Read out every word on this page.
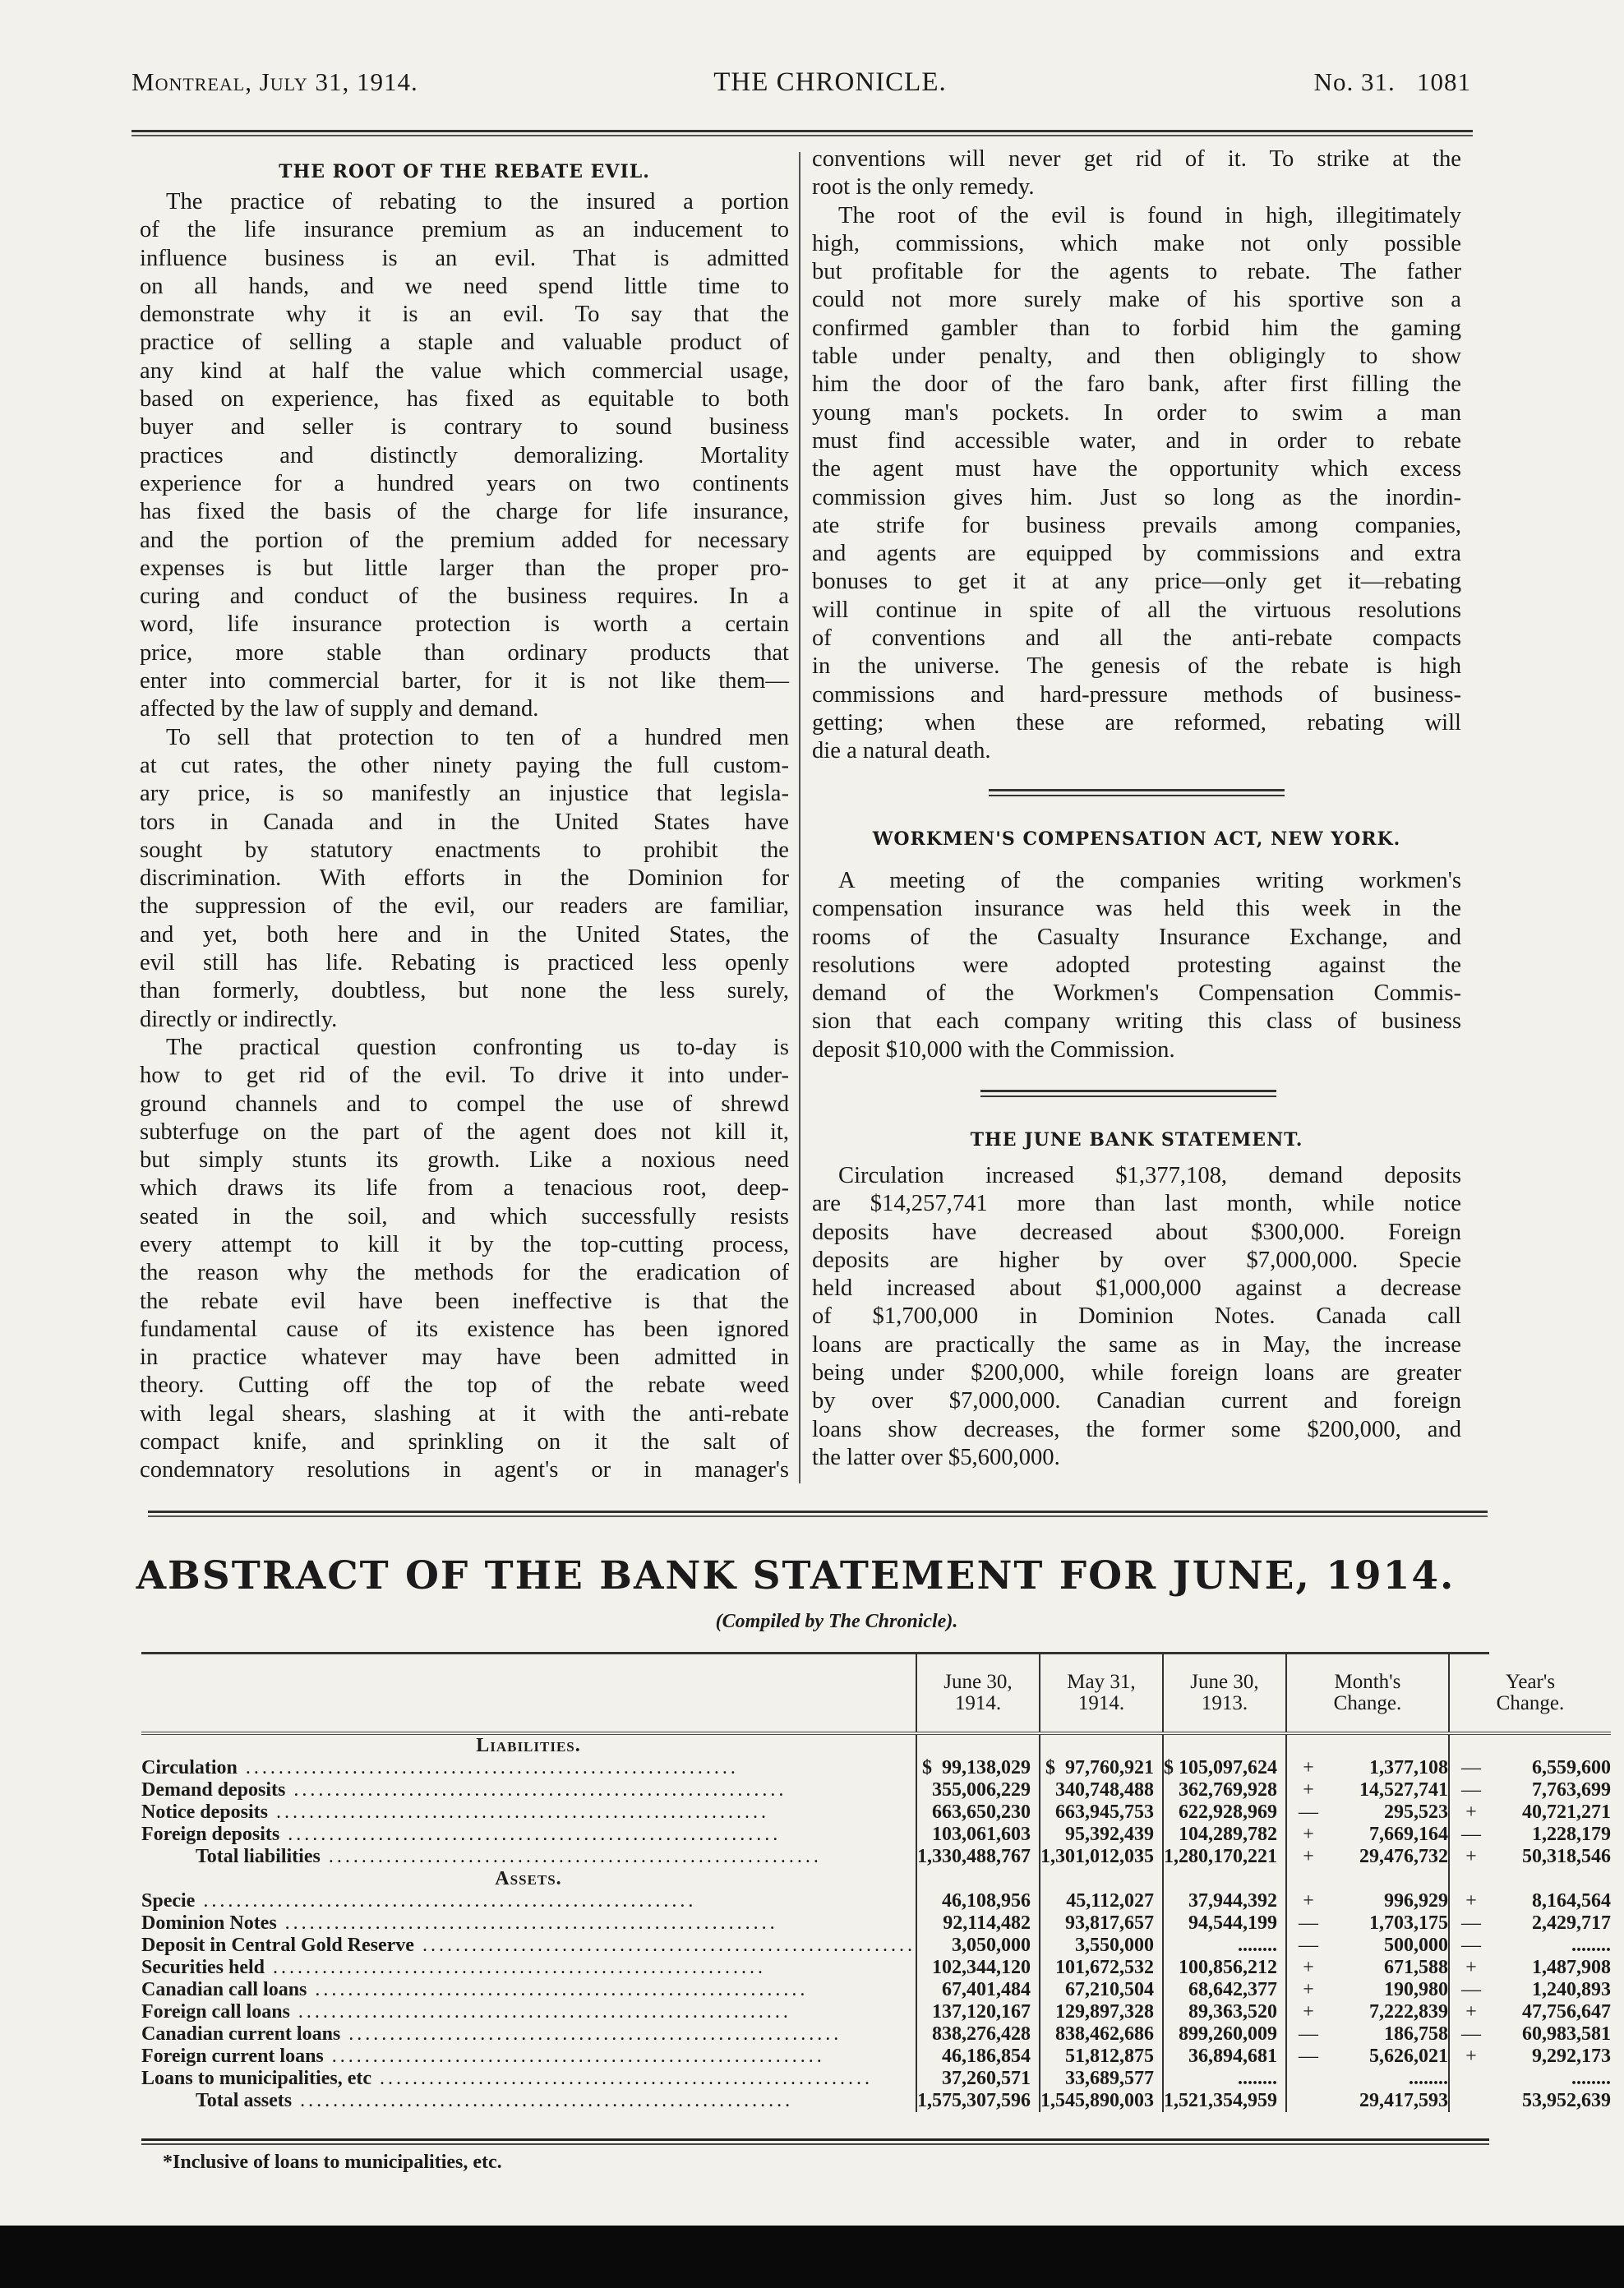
Montreal, July 31, 1914.	THE CHRONICLE.	No. 31.   1081
THE ROOT OF THE REBATE EVIL.
The practice of rebating to the insured a portion
of the life insurance premium as an inducement to
influence business is an evil. That is admitted
on all hands, and we need spend little time to
demonstrate why it is an evil. To say that the
practice of selling a staple and valuable product of
any kind at half the value which commercial usage,
based on experience, has fixed as equitable to both
buyer and seller is contrary to sound business
practices and distinctly demoralizing. Mortality
experience for a hundred years on two continents
has fixed the basis of the charge for life insurance,
and the portion of the premium added for necessary
expenses is but little larger than the proper pro-
curing and conduct of the business requires. In a
word, life insurance protection is worth a certain
price, more stable than ordinary products that
enter into commercial barter, for it is not like them—
affected by the law of supply and demand.
To sell that protection to ten of a hundred men
at cut rates, the other ninety paying the full custom-
ary price, is so manifestly an injustice that legisla-
tors in Canada and in the United States have
sought by statutory enactments to prohibit the
discrimination. With efforts in the Dominion for
the suppression of the evil, our readers are familiar,
and yet, both here and in the United States, the
evil still has life. Rebating is practiced less openly
than formerly, doubtless, but none the less surely,
directly or indirectly.
The practical question confronting us to-day is
how to get rid of the evil. To drive it into under-
ground channels and to compel the use of shrewd
subterfuge on the part of the agent does not kill it,
but simply stunts its growth. Like a noxious need
which draws its life from a tenacious root, deep-
seated in the soil, and which successfully resists
every attempt to kill it by the top-cutting process,
the reason why the methods for the eradication of
the rebate evil have been ineffective is that the
fundamental cause of its existence has been ignored
in practice whatever may have been admitted in
theory. Cutting off the top of the rebate weed
with legal shears, slashing at it with the anti-rebate
compact knife, and sprinkling on it the salt of
condemnatory resolutions in agent's or in manager's
conventions will never get rid of it. To strike at the
root is the only remedy.
The root of the evil is found in high, illegitimately
high, commissions, which make not only possible
but profitable for the agents to rebate. The father
could not more surely make of his sportive son a
confirmed gambler than to forbid him the gaming
table under penalty, and then obligingly to show
him the door of the faro bank, after first filling the
young man's pockets. In order to swim a man
must find accessible water, and in order to rebate
the agent must have the opportunity which excess
commission gives him. Just so long as the inordin-
ate strife for business prevails among companies,
and agents are equipped by commissions and extra
bonuses to get it at any price—only get it—rebating
will continue in spite of all the virtuous resolutions
of conventions and all the anti-rebate compacts
in the universe. The genesis of the rebate is high
commissions and hard-pressure methods of business-
getting; when these are reformed, rebating will
die a natural death.
WORKMEN'S COMPENSATION ACT, NEW YORK.
A meeting of the companies writing workmen's
compensation insurance was held this week in the
rooms of the Casualty Insurance Exchange, and
resolutions were adopted protesting against the
demand of the Workmen's Compensation Commis-
sion that each company writing this class of business
deposit $10,000 with the Commission.
THE JUNE BANK STATEMENT.
Circulation increased $1,377,108, demand deposits
are $14,257,741 more than last month, while notice
deposits have decreased about $300,000. Foreign
deposits are higher by over $7,000,000. Specie
held increased about $1,000,000 against a decrease
of $1,700,000 in Dominion Notes. Canada call
loans are practically the same as in May, the increase
being under $200,000, while foreign loans are greater
by over $7,000,000. Canadian current and foreign
loans show decreases, the former some $200,000, and
the latter over $5,600,000.
ABSTRACT OF THE BANK STATEMENT FOR JUNE, 1914.
(Compiled by The Chronicle).
	June 30,
1914.	May 31,
1914.	June 30,
1913.	Month's
Change.	Year's
Change.
Liabilities.					
Circulation ............................................................	$  99,138,029	$  97,760,921	$ 105,097,624	+ 1,377,108	— 6,559,600
Demand deposits ............................................................	355,006,229	340,748,488	362,769,928	+ 14,527,741	— 7,763,699
Notice deposits ............................................................	663,650,230	663,945,753	622,928,969	— 295,523	+ 40,721,271
Foreign deposits ............................................................	103,061,603	95,392,439	104,289,782	+ 7,669,164	— 1,228,179
Total liabilities ............................................................	1,330,488,767	1,301,012,035	1,280,170,221	+ 29,476,732	+ 50,318,546
Assets.					
Specie ............................................................	46,108,956	45,112,027	37,944,392	+ 996,929	+ 8,164,564
Dominion Notes ............................................................	92,114,482	93,817,657	94,544,199	— 1,703,175	— 2,429,717
Deposit in Central Gold Reserve ............................................................	3,050,000	3,550,000	........	— 500,000	— ........
Securities held ............................................................	102,344,120	101,672,532	100,856,212	+ 671,588	+ 1,487,908
Canadian call loans ............................................................	67,401,484	67,210,504	68,642,377	+ 190,980	— 1,240,893
Foreign call loans ............................................................	137,120,167	129,897,328	89,363,520	+ 7,222,839	+ 47,756,647
Canadian current loans ............................................................	838,276,428	838,462,686	899,260,009	— 186,758	— 60,983,581
Foreign current loans ............................................................	46,186,854	51,812,875	36,894,681	— 5,626,021	+ 9,292,173
Loans to municipalities, etc ............................................................	37,260,571	33,689,577	........	........	........
Total assets ............................................................	1,575,307,596	1,545,890,003	1,521,354,959	29,417,593	53,952,639
*Inclusive of loans to municipalities, etc.
